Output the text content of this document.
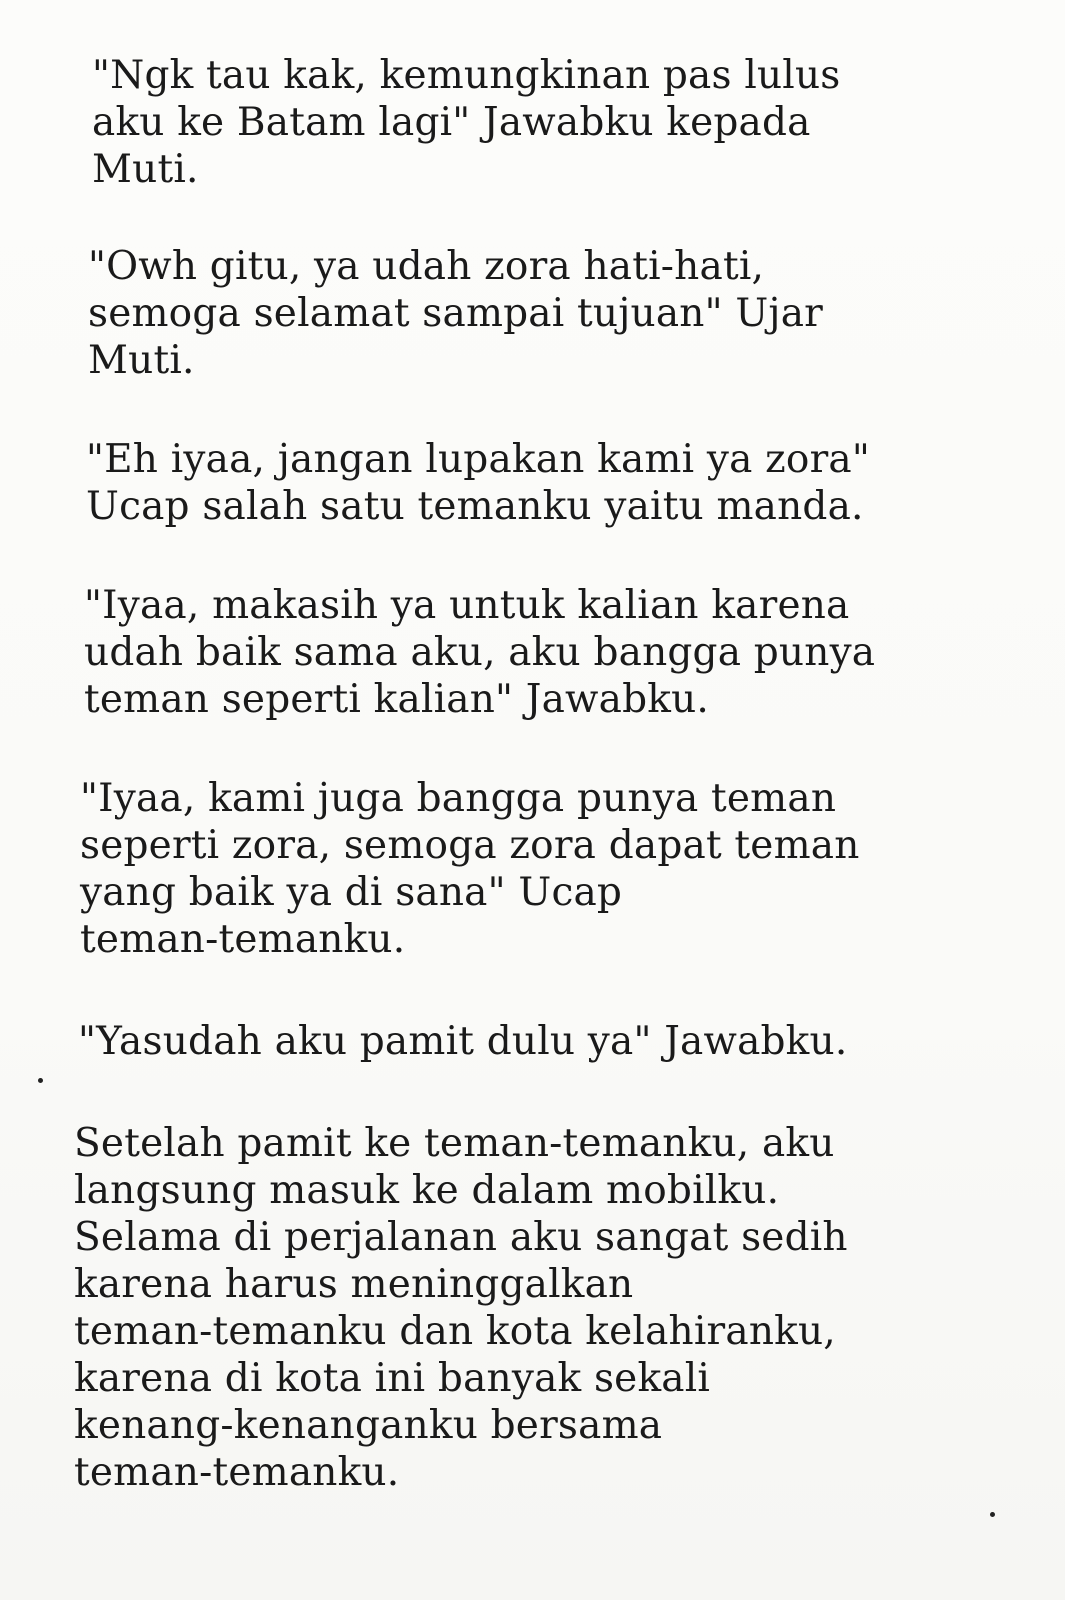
"Ngk tau kak, kemungkinan pas lulus
aku ke Batam lagi" Jawabku kepada
Muti.

"Owh gitu, ya udah zora hati-hati,
semoga selamat sampai tujuan" Ujar
Muti.

"Eh iyaa, jangan lupakan kami ya zora"
Ucap salah satu temanku yaitu manda.

"Iyaa, makasih ya untuk kalian karena
udah baik sama aku, aku bangga punya
teman seperti kalian" Jawabku.

"Iyaa, kami juga bangga punya teman
seperti zora, semoga zora dapat teman
yang baik ya di sana" Ucap
teman-temanku.

"Yasudah aku pamit dulu ya" Jawabku.

Setelah pamit ke teman-temanku, aku
langsung masuk ke dalam mobilku.
Selama di perjalanan aku sangat sedih
karena harus meninggalkan
teman-temanku dan kota kelahiranku,
karena di kota ini banyak sekali
kenang-kenanganku bersama
teman-temanku.
